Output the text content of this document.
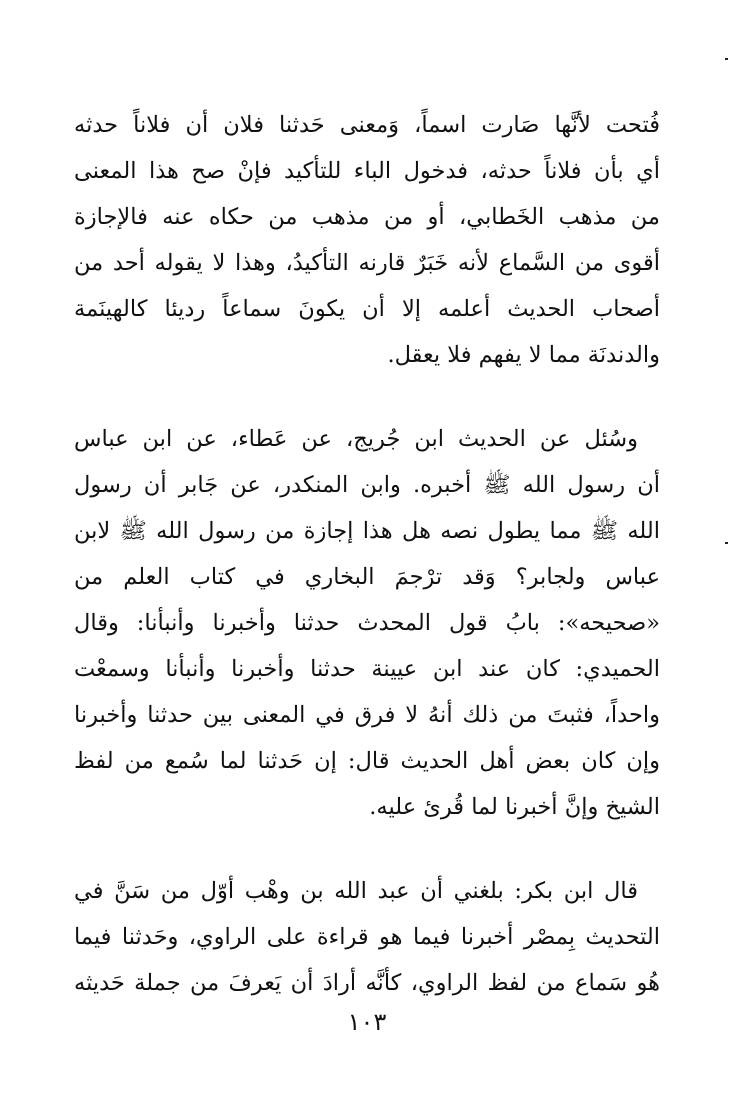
فُتحت لأنَّها صَارت اسماً، وَمعنى حَدثنا فلان أن فلاناً حدثه
أي بأن فلاناً حدثه، فدخول الباء للتأكيد فإنْ صح هذا المعنى
من مذهب الخَطابي، أو من مذهب من حكاه عنه فالإجازة
أقوى من السَّماع لأنه خَبَرٌ قارنه التأكيدُ، وهذا لا يقوله أحد من
أصحاب الحديث أعلمه إلا أن يكونَ سماعاً رديئا كالهينَمة
والدندنَة مما لا يفهم فلا يعقل.
وسُئل عن الحديث ابن جُريج، عن عَطاء، عن ابن عباس
أن رسول الله ﷺ أخبره. وابن المنكدر، عن جَابر أن رسول
الله ﷺ مما يطول نصه هل هذا إجازة من رسول الله ﷺ لابن
عباس ولجابر؟ وَقد ترْجمَ البخاري في كتاب العلم من
«صحيحه»: بابُ قول المحدث حدثنا وأخبرنا وأنبأنا: وقال
الحميدي: كان عند ابن عيينة حدثنا وأخبرنا وأنبأنا وسمعْت
واحداً، فثبتَ من ذلك أنهُ لا فرق في المعنى بين حدثنا وأخبرنا
وإن كان بعض أهل الحديث قال: إن حَدثنا لما سُمع من لفظ
الشيخ وإنَّ أخبرنا لما قُرئ عليه.
قال ابن بكر: بلغني أن عبد الله بن وهْب أوّل من سَنَّ في
التحديث بِمصْر أخبرنا فيما هو قراءة على الراوي، وحَدثنا فيما
هُو سَماع من لفظ الراوي، كأنَّه أرادَ أن يَعرفَ من جملة حَديثه
١٠٣
